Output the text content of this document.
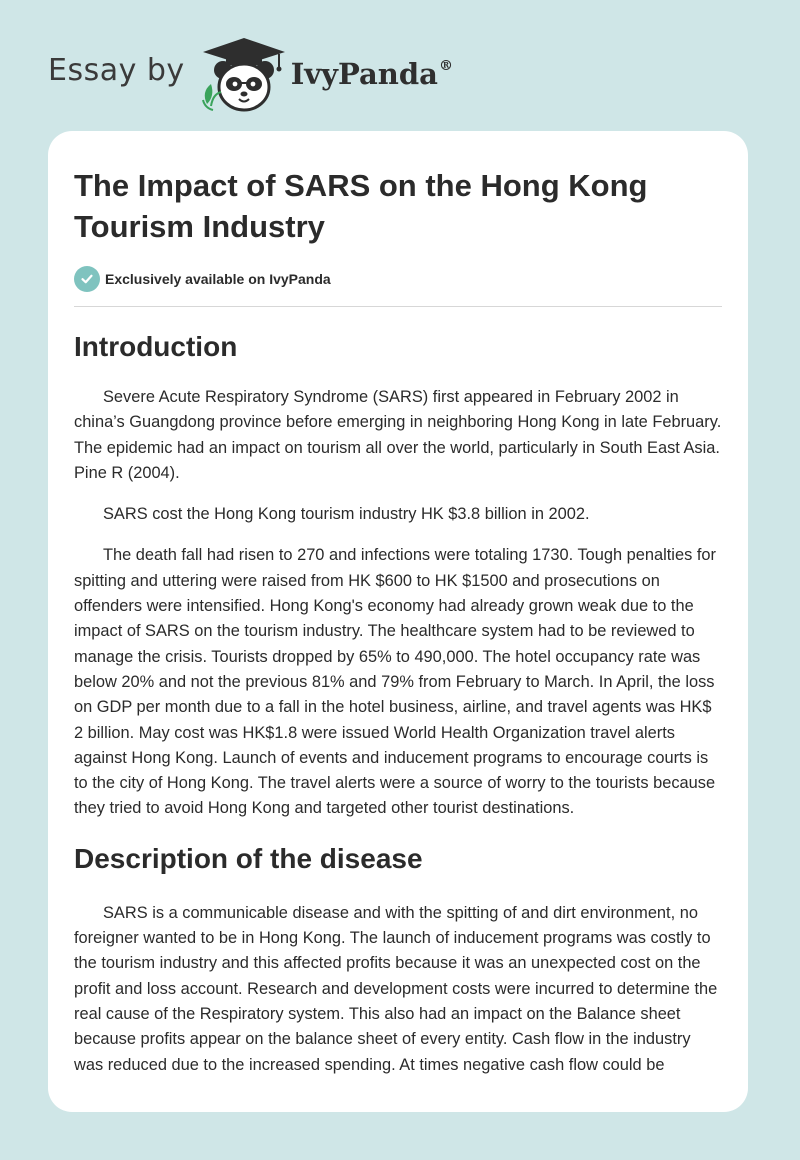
Essay by	IvyPanda®
The Impact of SARS on the Hong Kong Tourism Industry
Exclusively available on IvyPanda
Introduction

Severe Acute Respiratory Syndrome (SARS) first appeared in February 2002 in china’s Guangdong province before emerging in neighboring Hong Kong in late February. The epidemic had an impact on tourism all over the world, particularly in South East Asia. Pine R (2004).

SARS cost the Hong Kong tourism industry HK $3.8 billion in 2002.

The death fall had risen to 270 and infections were totaling 1730. Tough penalties for spitting and uttering were raised from HK $600 to HK $1500 and prosecutions on offenders were intensified. Hong Kong's economy had already grown weak due to the impact of SARS on the tourism industry. The healthcare system had to be reviewed to manage the crisis. Tourists dropped by 65% to 490,000. The hotel occupancy rate was below 20% and not the previous 81% and 79% from February to March. In April, the loss on GDP per month due to a fall in the hotel business, airline, and travel agents was HK$ 2 billion. May cost was HK$1.8 were issued World Health Organization travel alerts against Hong Kong. Launch of events and inducement programs to encourage courts is to the city of Hong Kong. The travel alerts were a source of worry to the tourists because they tried to avoid Hong Kong and targeted other tourist destinations.

Description of the disease

SARS is a communicable disease and with the spitting of and dirt environment, no foreigner wanted to be in Hong Kong. The launch of inducement programs was costly to the tourism industry and this affected profits because it was an unexpected cost on the profit and loss account. Research and development costs were incurred to determine the real cause of the Respiratory system. This also had an impact on the Balance sheet because profits appear on the balance sheet of every entity. Cash flow in the industry was reduced due to the increased spending. At times negative cash flow could be
